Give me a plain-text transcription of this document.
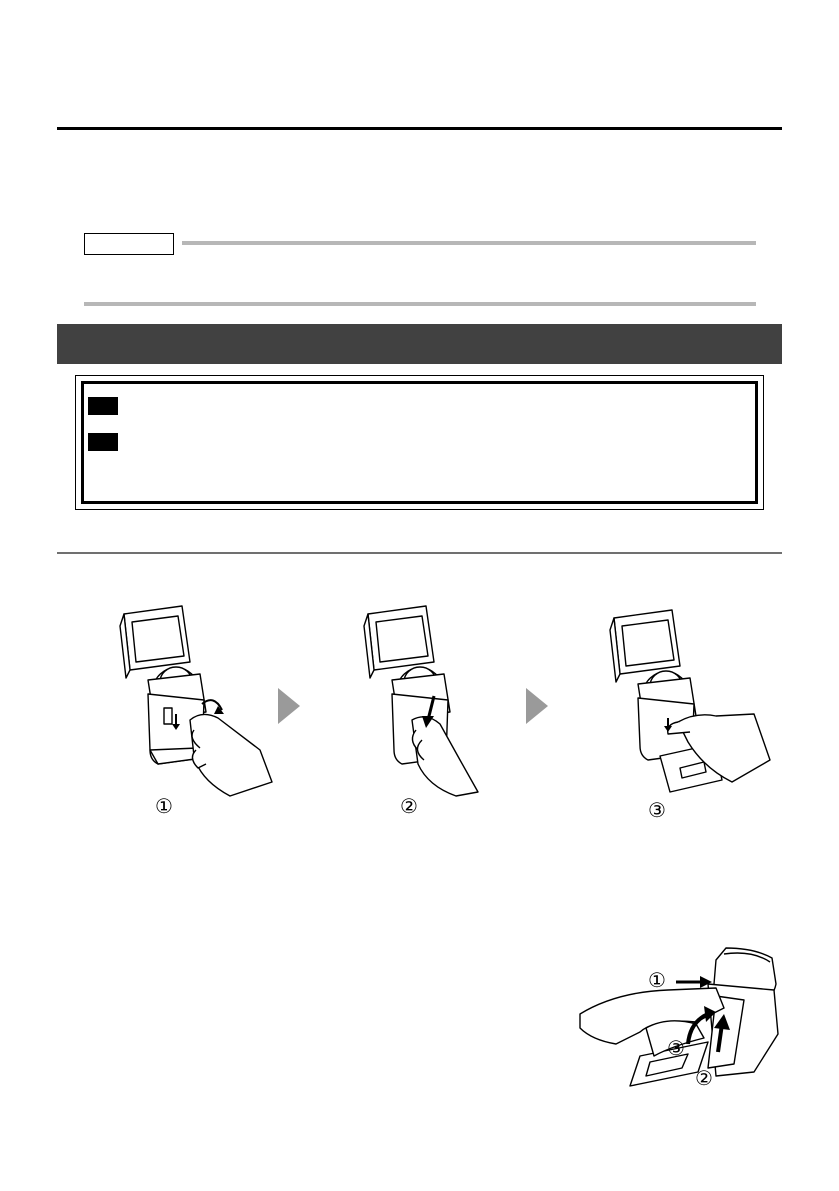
①	②	③
①
②
③
